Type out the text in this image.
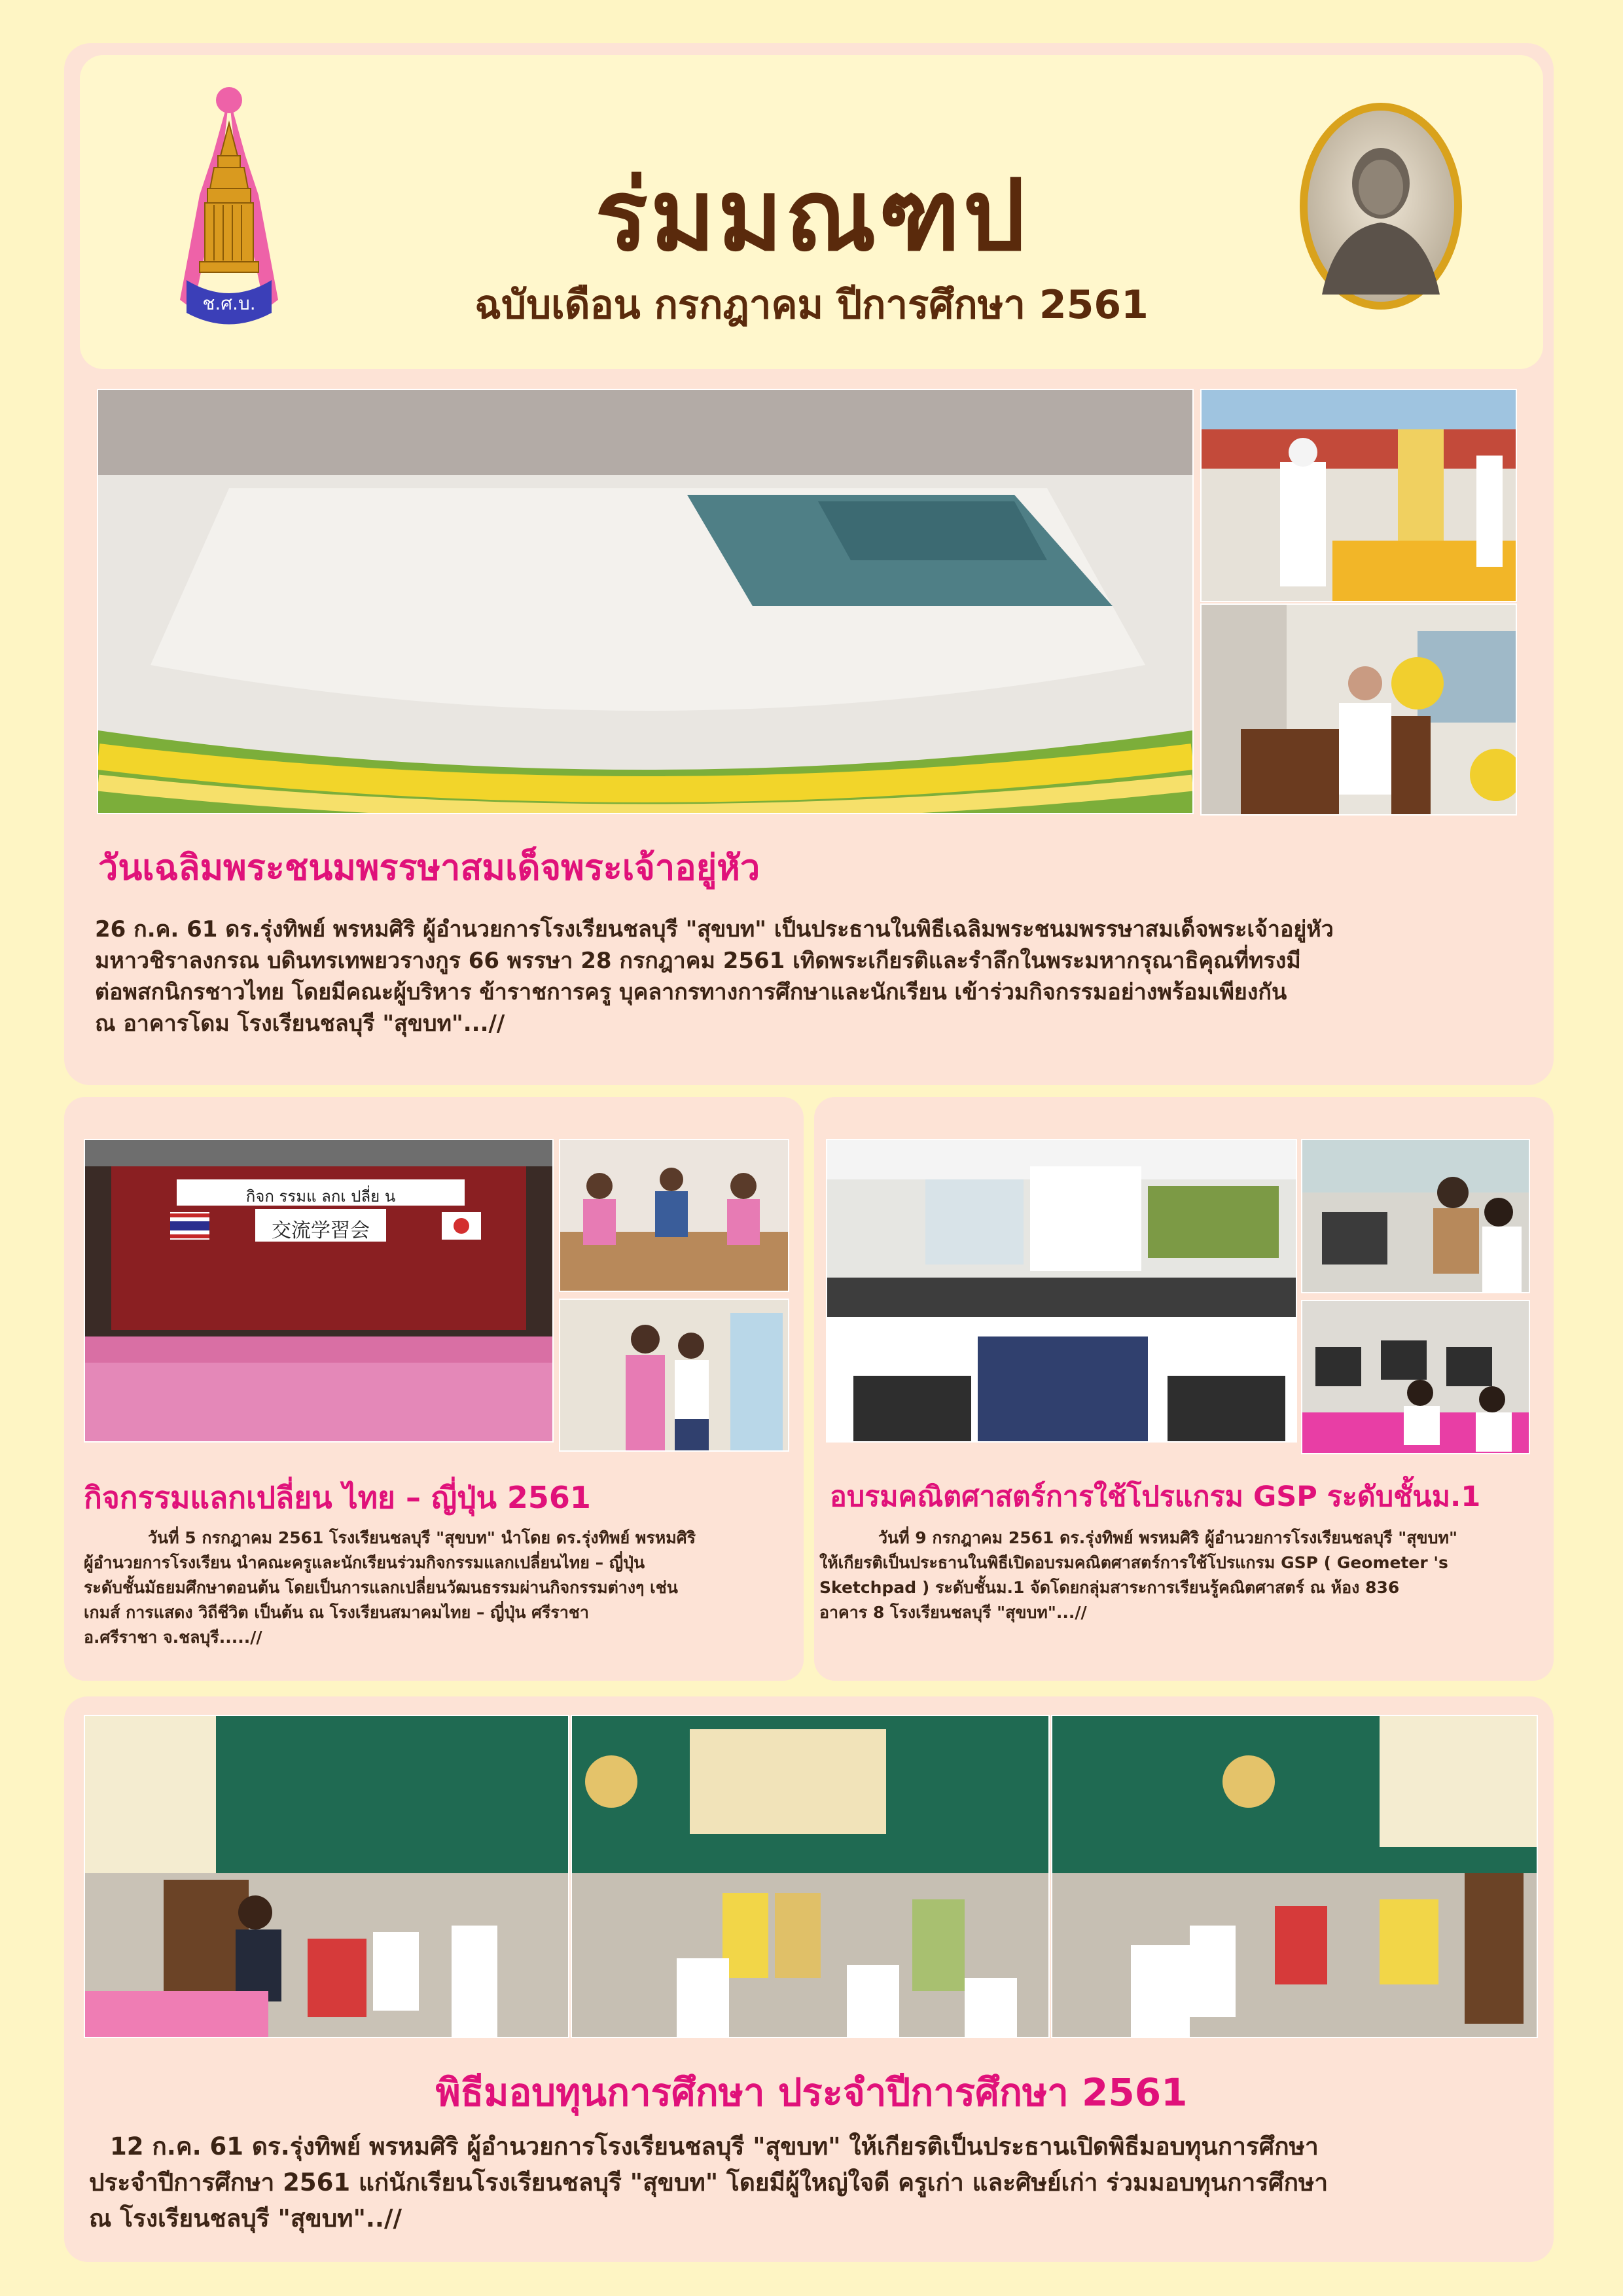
ช.ศ.บ.
ร่มมณฑป
ฉบับเดือน กรกฎาคม ปีการศึกษา 2561
วันเฉลิมพระชนมพรรษาสมเด็จพระเจ้าอยู่หัว
26 ก.ค. 61 ดร.รุ่งทิพย์ พรหมศิริ ผู้อำนวยการโรงเรียนชลบุรี "สุขบท" เป็นประธานในพิธีเฉลิมพระชนมพรรษาสมเด็จพระเจ้าอยู่หัว
มหาวชิราลงกรณ บดินทรเทพยวรางกูร 66 พรรษา 28 กรกฎาคม 2561 เทิดพระเกียรติและรำลึกในพระมหากรุณาธิคุณที่ทรงมี
ต่อพสกนิกรชาวไทย โดยมีคณะผู้บริหาร ข้าราชการครู บุคลากรทางการศึกษาและนักเรียน เข้าร่วมกิจกรรมอย่างพร้อมเพียงกัน
ณ อาคารโดม โรงเรียนชลบุรี "สุขบท"...//
กิจก รรมแ ลกเ ปลี่ย น
交流学習会
กิจกรรมแลกเปลี่ยน ไทย – ญี่ปุ่น 2561
วันที่ 5 กรกฎาคม 2561 โรงเรียนชลบุรี "สุขบท" นำโดย ดร.รุ่งทิพย์ พรหมศิริ
ผู้อำนวยการโรงเรียน นำคณะครูและนักเรียนร่วมกิจกรรมแลกเปลี่ยนไทย – ญี่ปุ่น
ระดับชั้นมัธยมศึกษาตอนต้น โดยเป็นการแลกเปลี่ยนวัฒนธรรมผ่านกิจกรรมต่างๆ เช่น
เกมส์ การแสดง วิถีชีวิต เป็นต้น ณ โรงเรียนสมาคมไทย – ญี่ปุ่น ศรีราชา
อ.ศรีราชา จ.ชลบุรี.....//
อบรมคณิตศาสตร์การใช้โปรแกรม GSP ระดับชั้นม.1
วันที่ 9 กรกฎาคม 2561 ดร.รุ่งทิพย์ พรหมศิริ ผู้อำนวยการโรงเรียนชลบุรี "สุขบท"
ให้เกียรติเป็นประธานในพิธีเปิดอบรมคณิตศาสตร์การใช้โปรแกรม GSP ( Geometer 's
Sketchpad ) ระดับชั้นม.1 จัดโดยกลุ่มสาระการเรียนรู้คณิตศาสตร์ ณ ห้อง 836
อาคาร 8 โรงเรียนชลบุรี "สุขบท"...//
พิธีมอบทุนการศึกษา ประจำปีการศึกษา 2561
12 ก.ค. 61 ดร.รุ่งทิพย์ พรหมศิริ ผู้อำนวยการโรงเรียนชลบุรี "สุขบท" ให้เกียรติเป็นประธานเปิดพิธีมอบทุนการศึกษา
ประจำปีการศึกษา 2561 แก่นักเรียนโรงเรียนชลบุรี "สุขบท" โดยมีผู้ใหญ่ใจดี ครูเก่า และศิษย์เก่า ร่วมมอบทุนการศึกษา
ณ โรงเรียนชลบุรี "สุขบท"..//
